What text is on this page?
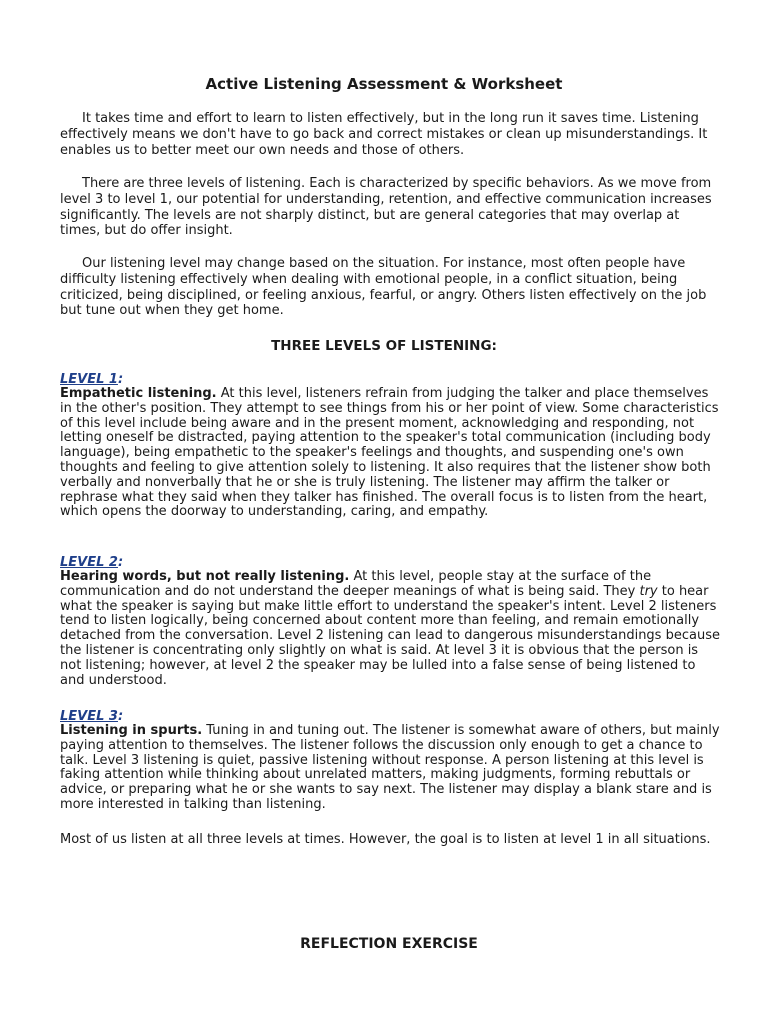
Active Listening Assessment & Worksheet

It takes time and effort to learn to listen effectively, but in the long run it saves time. Listening effectively means we don't have to go back and correct mistakes or clean up misunderstandings. It enables us to better meet our own needs and those of others.

There are three levels of listening. Each is characterized by specific behaviors. As we move from level 3 to level 1, our potential for understanding, retention, and effective communication increases significantly. The levels are not sharply distinct, but are general categories that may overlap at times, but do offer insight.

Our listening level may change based on the situation. For instance, most often people have difficulty listening effectively when dealing with emotional people, in a conflict situation, being criticized, being disciplined, or feeling anxious, fearful, or angry. Others listen effectively on the job but tune out when they get home.

THREE LEVELS OF LISTENING:
LEVEL 1:
Empathetic listening. At this level, listeners refrain from judging the talker and place themselves in the other's position. They attempt to see things from his or her point of view. Some characteristics of this level include being aware and in the present moment, acknowledging and responding, not letting oneself be distracted, paying attention to the speaker's total communication (including body language), being empathetic to the speaker's feelings and thoughts, and suspending one's own thoughts and feeling to give attention solely to listening. It also requires that the listener show both verbally and nonverbally that he or she is truly listening. The listener may affirm the talker or rephrase what they said when they talker has finished. The overall focus is to listen from the heart, which opens the doorway to understanding, caring, and empathy.
LEVEL 2:
Hearing words, but not really listening. At this level, people stay at the surface of the communication and do not understand the deeper meanings of what is being said. They try to hear what the speaker is saying but make little effort to understand the speaker's intent. Level 2 listeners tend to listen logically, being concerned about content more than feeling, and remain emotionally detached from the conversation. Level 2 listening can lead to dangerous misunderstandings because the listener is concentrating only slightly on what is said. At level 3 it is obvious that the person is not listening; however, at level 2 the speaker may be lulled into a false sense of being listened to and understood.
LEVEL 3:
Listening in spurts. Tuning in and tuning out. The listener is somewhat aware of others, but mainly paying attention to themselves. The listener follows the discussion only enough to get a chance to talk. Level 3 listening is quiet, passive listening without response. A person listening at this level is faking attention while thinking about unrelated matters, making judgments, forming rebuttals or advice, or preparing what he or she wants to say next. The listener may display a blank stare and is more interested in talking than listening.

Most of us listen at all three levels at times. However, the goal is to listen at level 1 in all situations.

REFLECTION EXERCISE
